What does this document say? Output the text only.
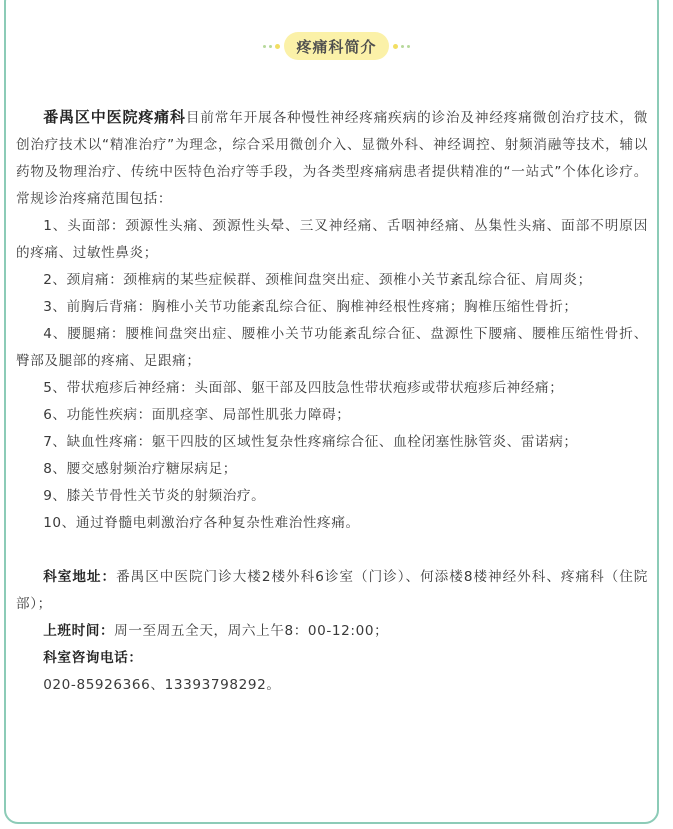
疼痛科简介

番禺区中医院疼痛科目前常年开展各种慢性神经疼痛疾病的诊治及神经疼痛微创治疗技术，微创治疗技术以“精准治疗”为理念，综合采用微创介入、显微外科、神经调控、射频消融等技术，辅以药物及物理治疗、传统中医特色治疗等手段，为各类型疼痛病患者提供精准的“一站式”个体化诊疗。常规诊治疼痛范围包括：

1、头面部：颈源性头痛、颈源性头晕、三叉神经痛、舌咽神经痛、丛集性头痛、面部不明原因的疼痛、过敏性鼻炎；

2、颈肩痛：颈椎病的某些症候群、颈椎间盘突出症、颈椎小关节紊乱综合征、肩周炎；

3、前胸后背痛：胸椎小关节功能紊乱综合征、胸椎神经根性疼痛；胸椎压缩性骨折；

4、腰腿痛：腰椎间盘突出症、腰椎小关节功能紊乱综合征、盘源性下腰痛、腰椎压缩性骨折、臀部及腿部的疼痛、足跟痛；

5、带状疱疹后神经痛：头面部、躯干部及四肢急性带状疱疹或带状疱疹后神经痛；

6、功能性疾病：面肌痉挛、局部性肌张力障碍；

7、缺血性疼痛：躯干四肢的区域性复杂性疼痛综合征、血栓闭塞性脉管炎、雷诺病；

8、腰交感射频治疗糖尿病足；

9、膝关节骨性关节炎的射频治疗。

10、通过脊髓电刺激治疗各种复杂性难治性疼痛。

科室地址：番禺区中医院门诊大楼2楼外科6诊室（门诊）、何添楼8楼神经外科、疼痛科（住院部）；

上班时间：周一至周五全天，周六上午8：00-12:00；

科室咨询电话：

020-85926366、13393798292。
